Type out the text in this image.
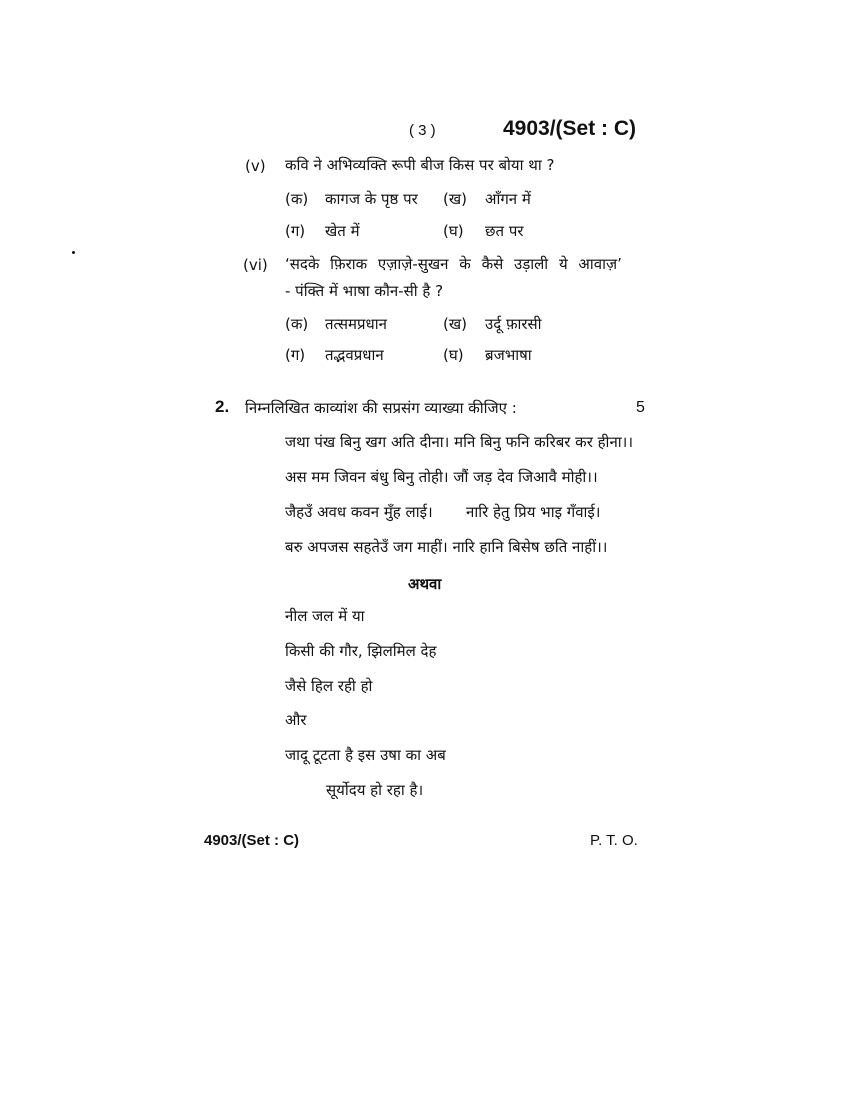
( 3 )	4903/(Set : C)
(v) कवि ने अभिव्यक्ति रूपी बीज किस पर बोया था ?
(क) कागज के पृष्ठ पर (ख) आँगन में
(ग) खेत में	(घ) छत पर
(vi) ‘सदके फ़िराक एज़ाज़े-सुखन के कैसे उड़ाली ये आवाज़’
- पंक्ति में भाषा कौन-सी है ?
(क) तत्समप्रधान	(ख) उर्दू फ़ारसी
(ग) तद्भवप्रधान	(घ) ब्रजभाषा
2. निम्नलिखित काव्यांश की सप्रसंग व्याख्या कीजिए :	5
जथा पंख बिनु खग अति दीना। मनि बिनु फनि करिबर कर हीना।।
अस मम जिवन बंधु बिनु तोही। जौं जड़ देव जिआवै मोही।।
जैहउँ अवध कवन मुँह लाई।       नारि हेतु प्रिय भाइ गँवाई।
बरु अपजस सहतेउँ जग माहीं। नारि हानि बिसेष छति नाहीं।।
अथवा
नील जल में या
किसी की गौर, झिलमिल देह
जैसे हिल रही हो
और
जादू टूटता है इस उषा का अब
सूर्योदय हो रहा है।
4903/(Set : C)	P. T. O.
